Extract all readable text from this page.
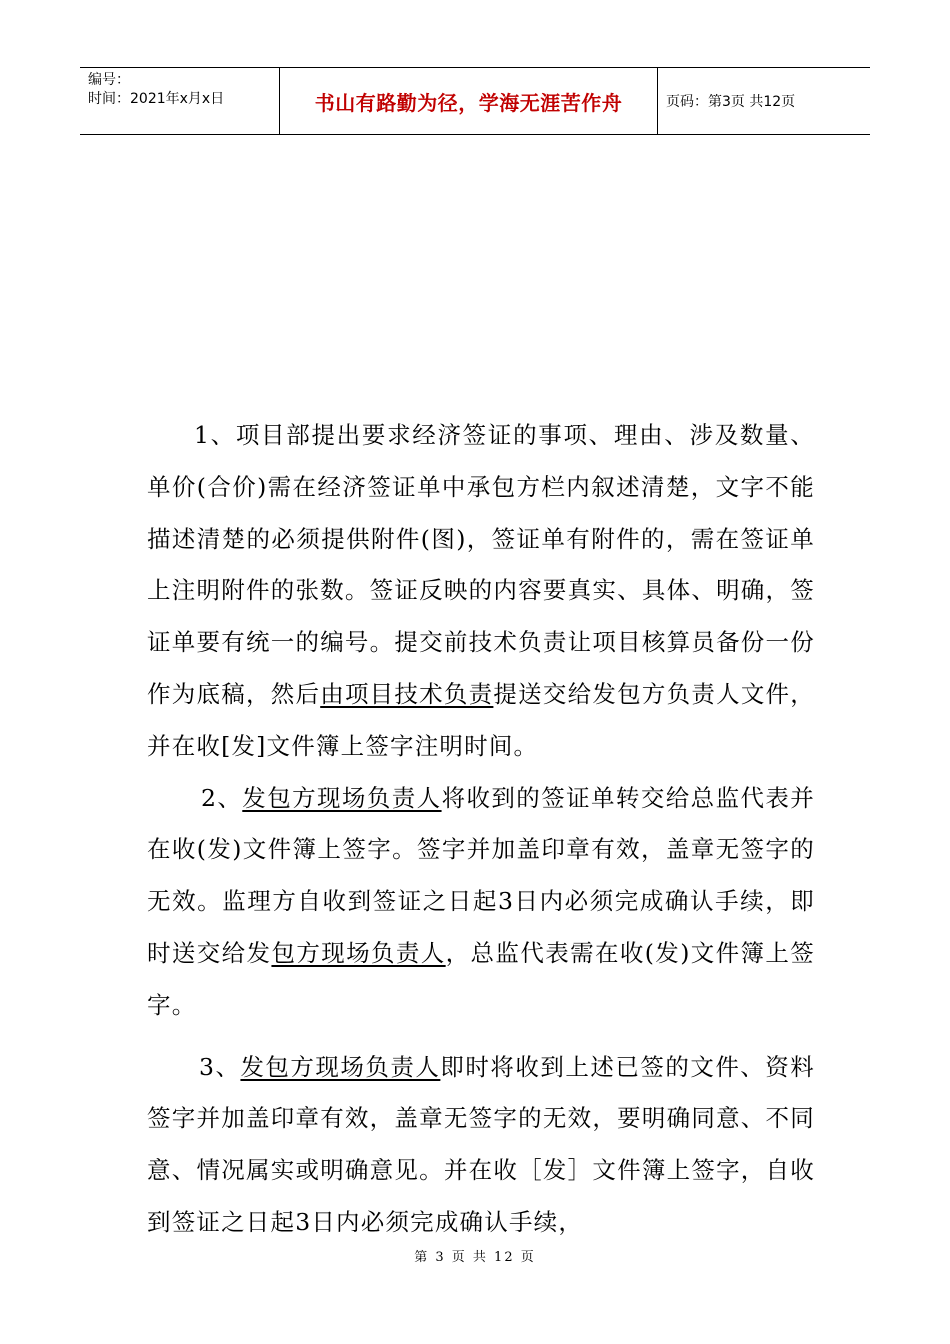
编号：
时间：2021年x月x日	书山有路勤为径，学海无涯苦作舟	页码：第3页 共12页

1、项目部提出要求经济签证的事项、理由、涉及数量、单价(合价)需在经济签证单中承包方栏内叙述清楚，文字不能描述清楚的必须提供附件(图)，签证单有附件的，需在签证单上注明附件的张数。签证反映的内容要真实、具体、明确，签证单要有统一的编号。提交前技术负责让项目核算员备份一份作为底稿，然后由项目技术负责提送交给发包方负责人文件，并在收[发]文件簿上签字注明时间。

2、发包方现场负责人将收到的签证单转交给总监代表并在收(发)文件簿上签字。签字并加盖印章有效，盖章无签字的无效。监理方自收到签证之日起3日内必须完成确认手续，即时送交给发包方现场负责人，总监代表需在收(发)文件簿上签字。

3、发包方现场负责人即时将收到上述已签的文件、资料签字并加盖印章有效，盖章无签字的无效，要明确同意、不同意、情况属实或明确意见。并在收［发］文件簿上签字，自收到签证之日起3日内必须完成确认手续，

第 3 页 共 12 页
